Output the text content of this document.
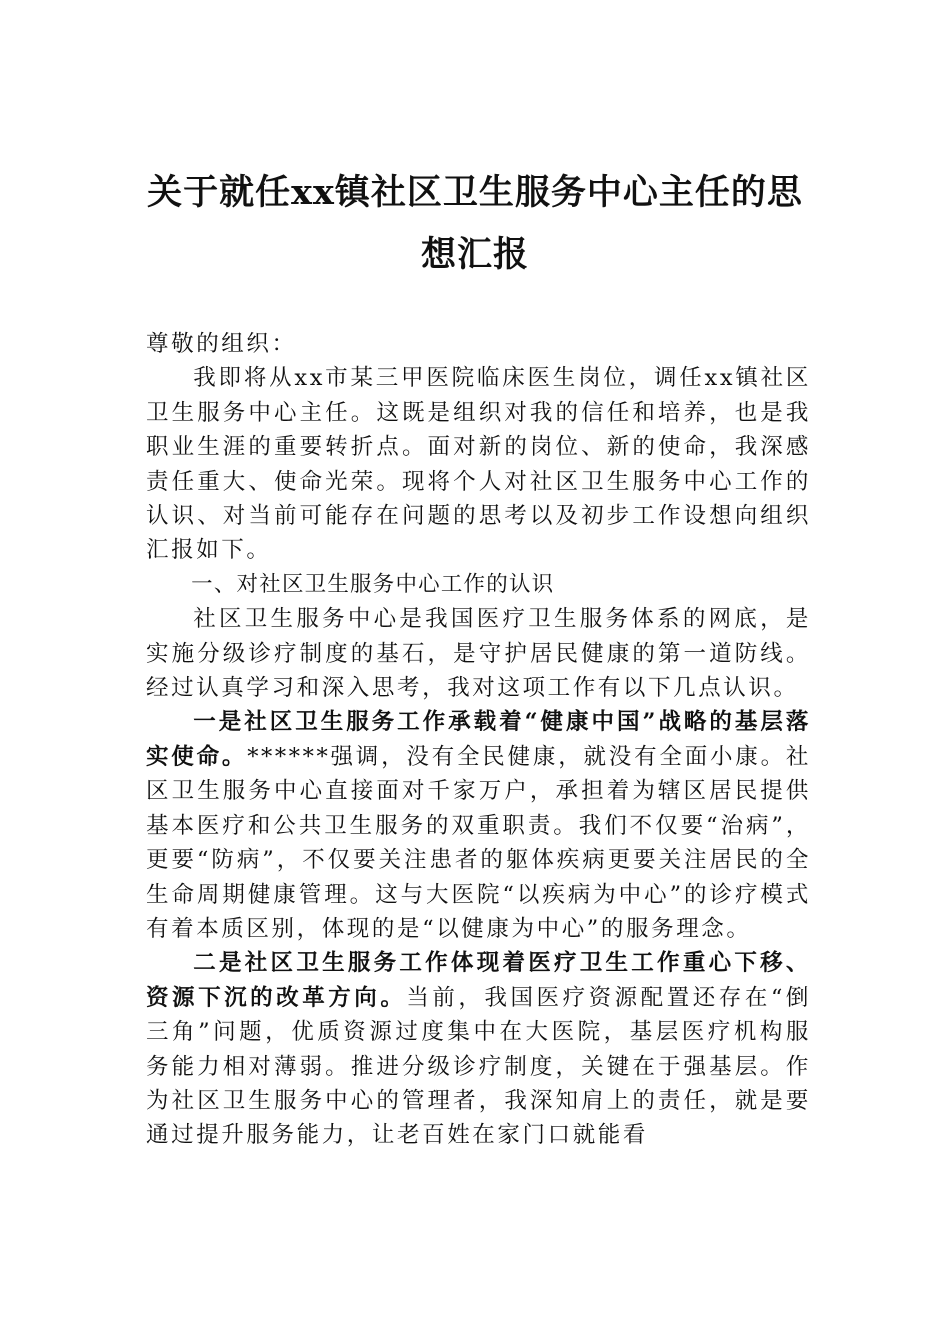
关于就任xx镇社区卫生服务中心主任的思
想汇报

尊敬的组织：

我即将从xx市某三甲医院临床医生岗位，调任xx镇社区卫生服务中心主任。这既是组织对我的信任和培养，也是我职业生涯的重要转折点。面对新的岗位、新的使命，我深感责任重大、使命光荣。现将个人对社区卫生服务中心工作的认识、对当前可能存在问题的思考以及初步工作设想向组织汇报如下。

一、对社区卫生服务中心工作的认识

社区卫生服务中心是我国医疗卫生服务体系的网底，是实施分级诊疗制度的基石，是守护居民健康的第一道防线。经过认真学习和深入思考，我对这项工作有以下几点认识。

一是社区卫生服务工作承载着“健康中国”战略的基层落实使命。******强调，没有全民健康，就没有全面小康。社区卫生服务中心直接面对千家万户，承担着为辖区居民提供基本医疗和公共卫生服务的双重职责。我们不仅要“治病”，更要“防病”，不仅要关注患者的躯体疾病更要关注居民的全生命周期健康管理。这与大医院“以疾病为中心”的诊疗模式有着本质区别，体现的是“以健康为中心”的服务理念。

二是社区卫生服务工作体现着医疗卫生工作重心下移、资源下沉的改革方向。当前，我国医疗资源配置还存在“倒三角”问题，优质资源过度集中在大医院，基层医疗机构服务能力相对薄弱。推进分级诊疗制度，关键在于强基层。作为社区卫生服务中心的管理者，我深知肩上的责任，就是要通过提升服务能力，让老百姓在家门口就能看
